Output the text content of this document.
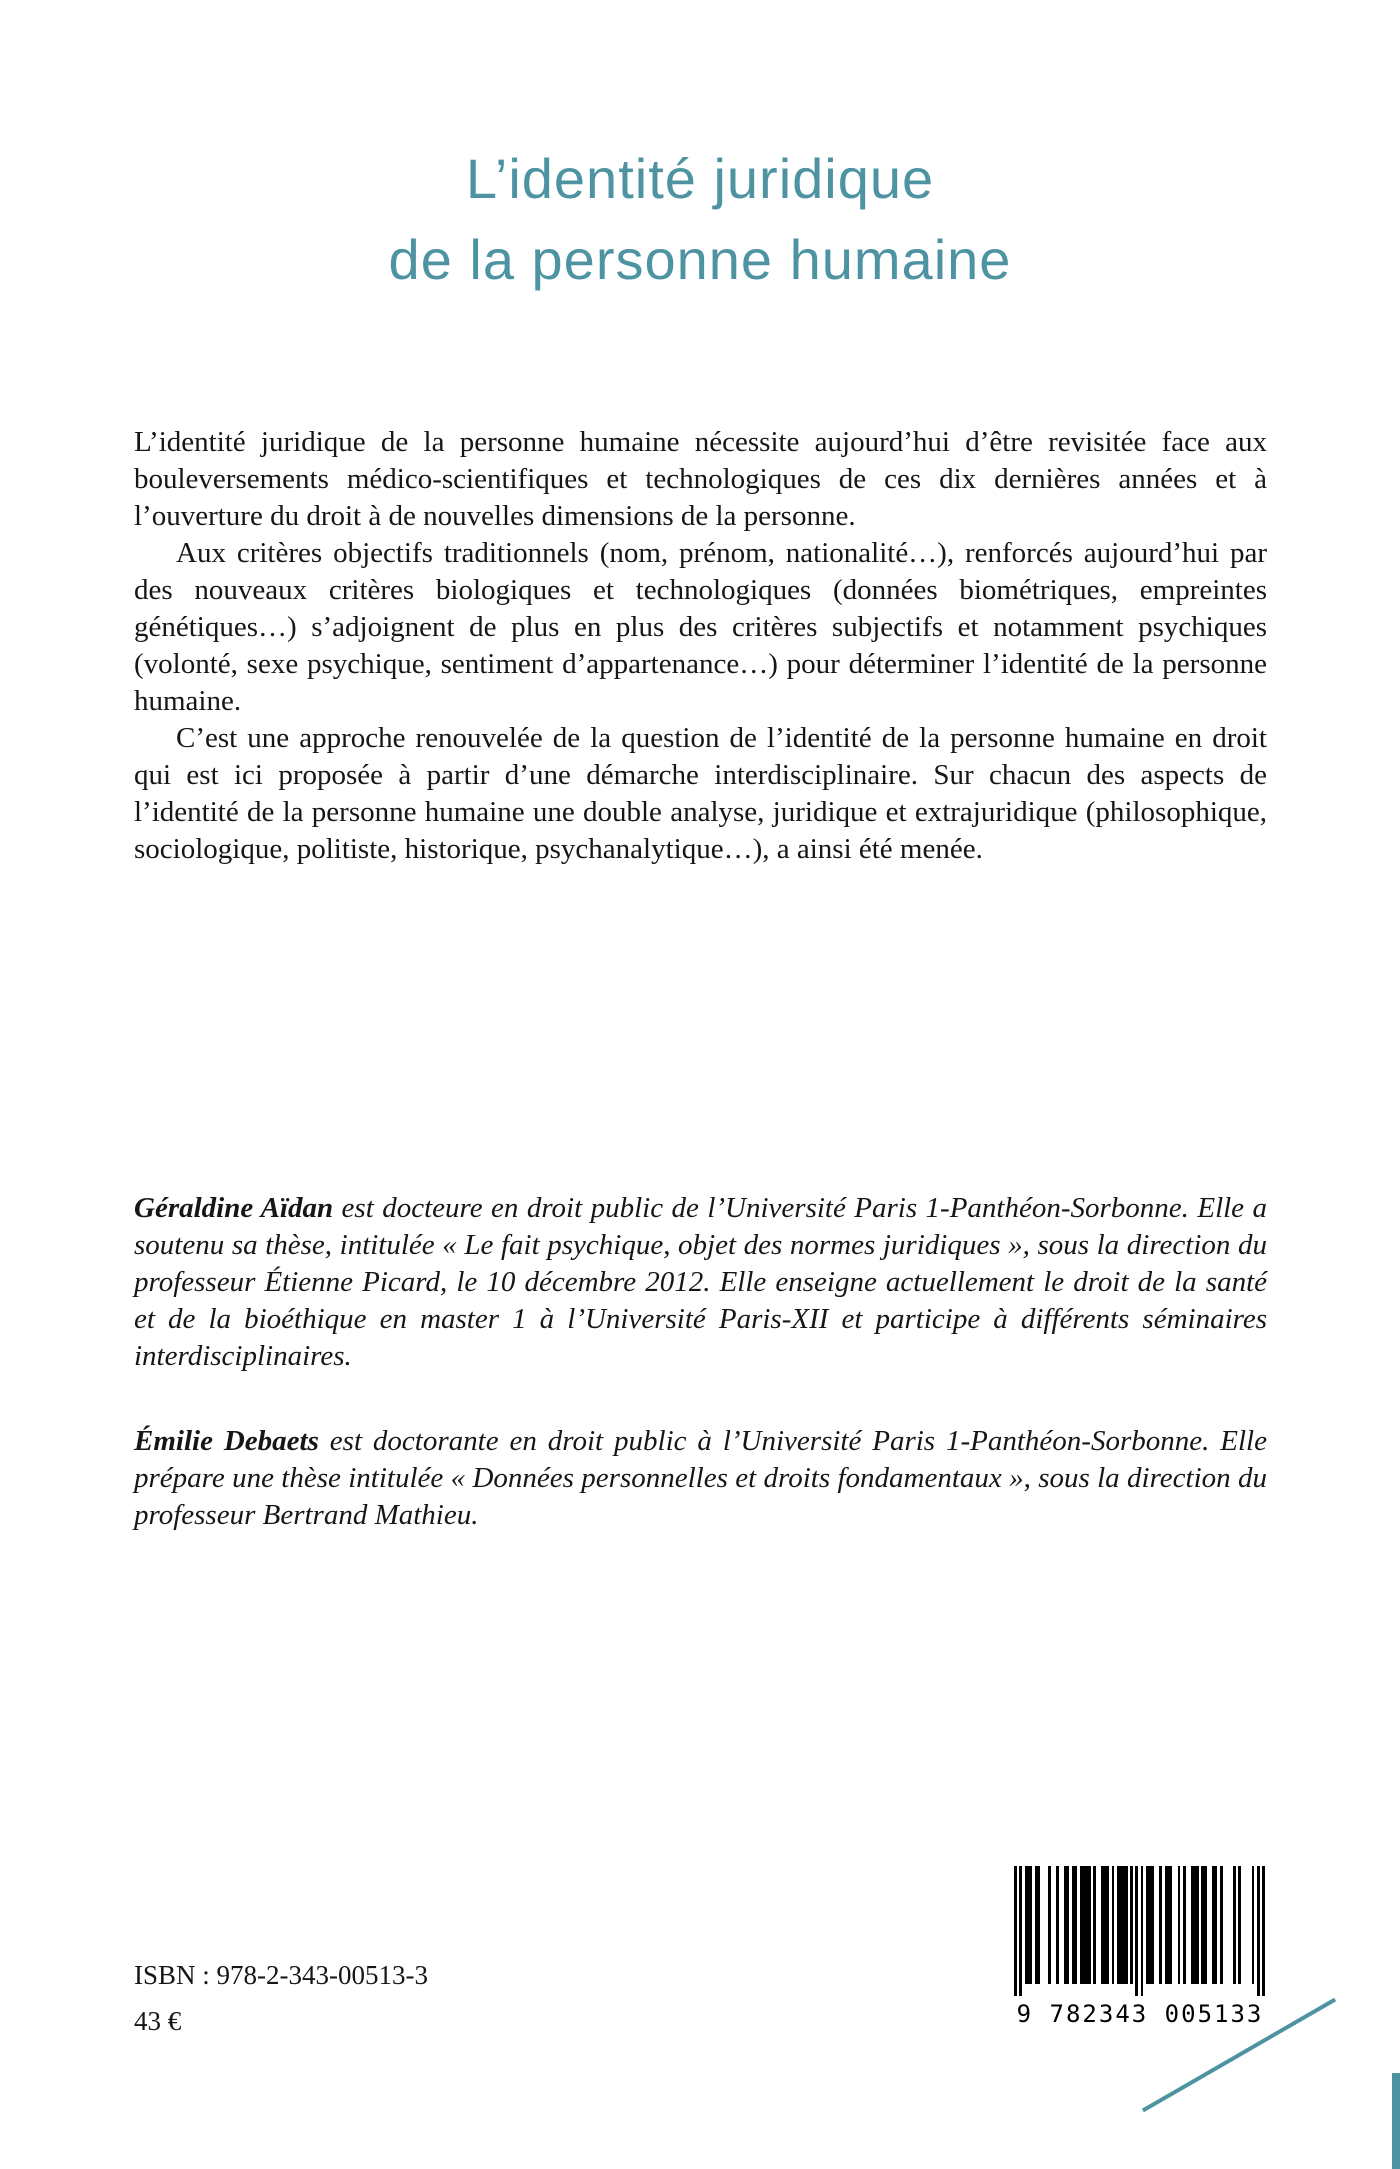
L’identité juridique
de la personne humaine

L’identité juridique de la personne humaine nécessite aujourd’hui d’être revisitée face aux bouleversements médico-scientifiques et technologiques de ces dix dernières années et à l’ouverture du droit à de nouvelles dimensions de la personne.

Aux critères objectifs traditionnels (nom, prénom, nationalité…), renforcés aujourd’hui par des nouveaux critères biologiques et technologiques (données biométriques, empreintes génétiques…) s’adjoignent de plus en plus des critères subjectifs et notamment psychiques (volonté, sexe psychique, sentiment d’appartenance…) pour déterminer l’identité de la personne humaine.

C’est une approche renouvelée de la question de l’identité de la personne humaine en droit qui est ici proposée à partir d’une démarche interdisciplinaire. Sur chacun des aspects de l’identité de la personne humaine une double analyse, juridique et extrajuridique (philosophique, sociologique, politiste, historique, psychanalytique…), a ainsi été menée.

Géraldine Aïdan est docteure en droit public de l’Université Paris 1-Panthéon-Sorbonne. Elle a soutenu sa thèse, intitulée « Le fait psychique, objet des normes juridiques », sous la direction du professeur Étienne Picard, le 10 décembre 2012. Elle enseigne actuellement le droit de la santé et de la bioéthique en master 1 à l’Université Paris-XII et participe à différents séminaires interdisciplinaires.

Émilie Debaets est doctorante en droit public à l’Université Paris 1-Panthéon-Sorbonne. Elle prépare une thèse intitulée « Données personnelles et droits fondamentaux », sous la direction du professeur Bertrand Mathieu.

ISBN : 978-2-343-00513-3
43 €	9 782343 005133
